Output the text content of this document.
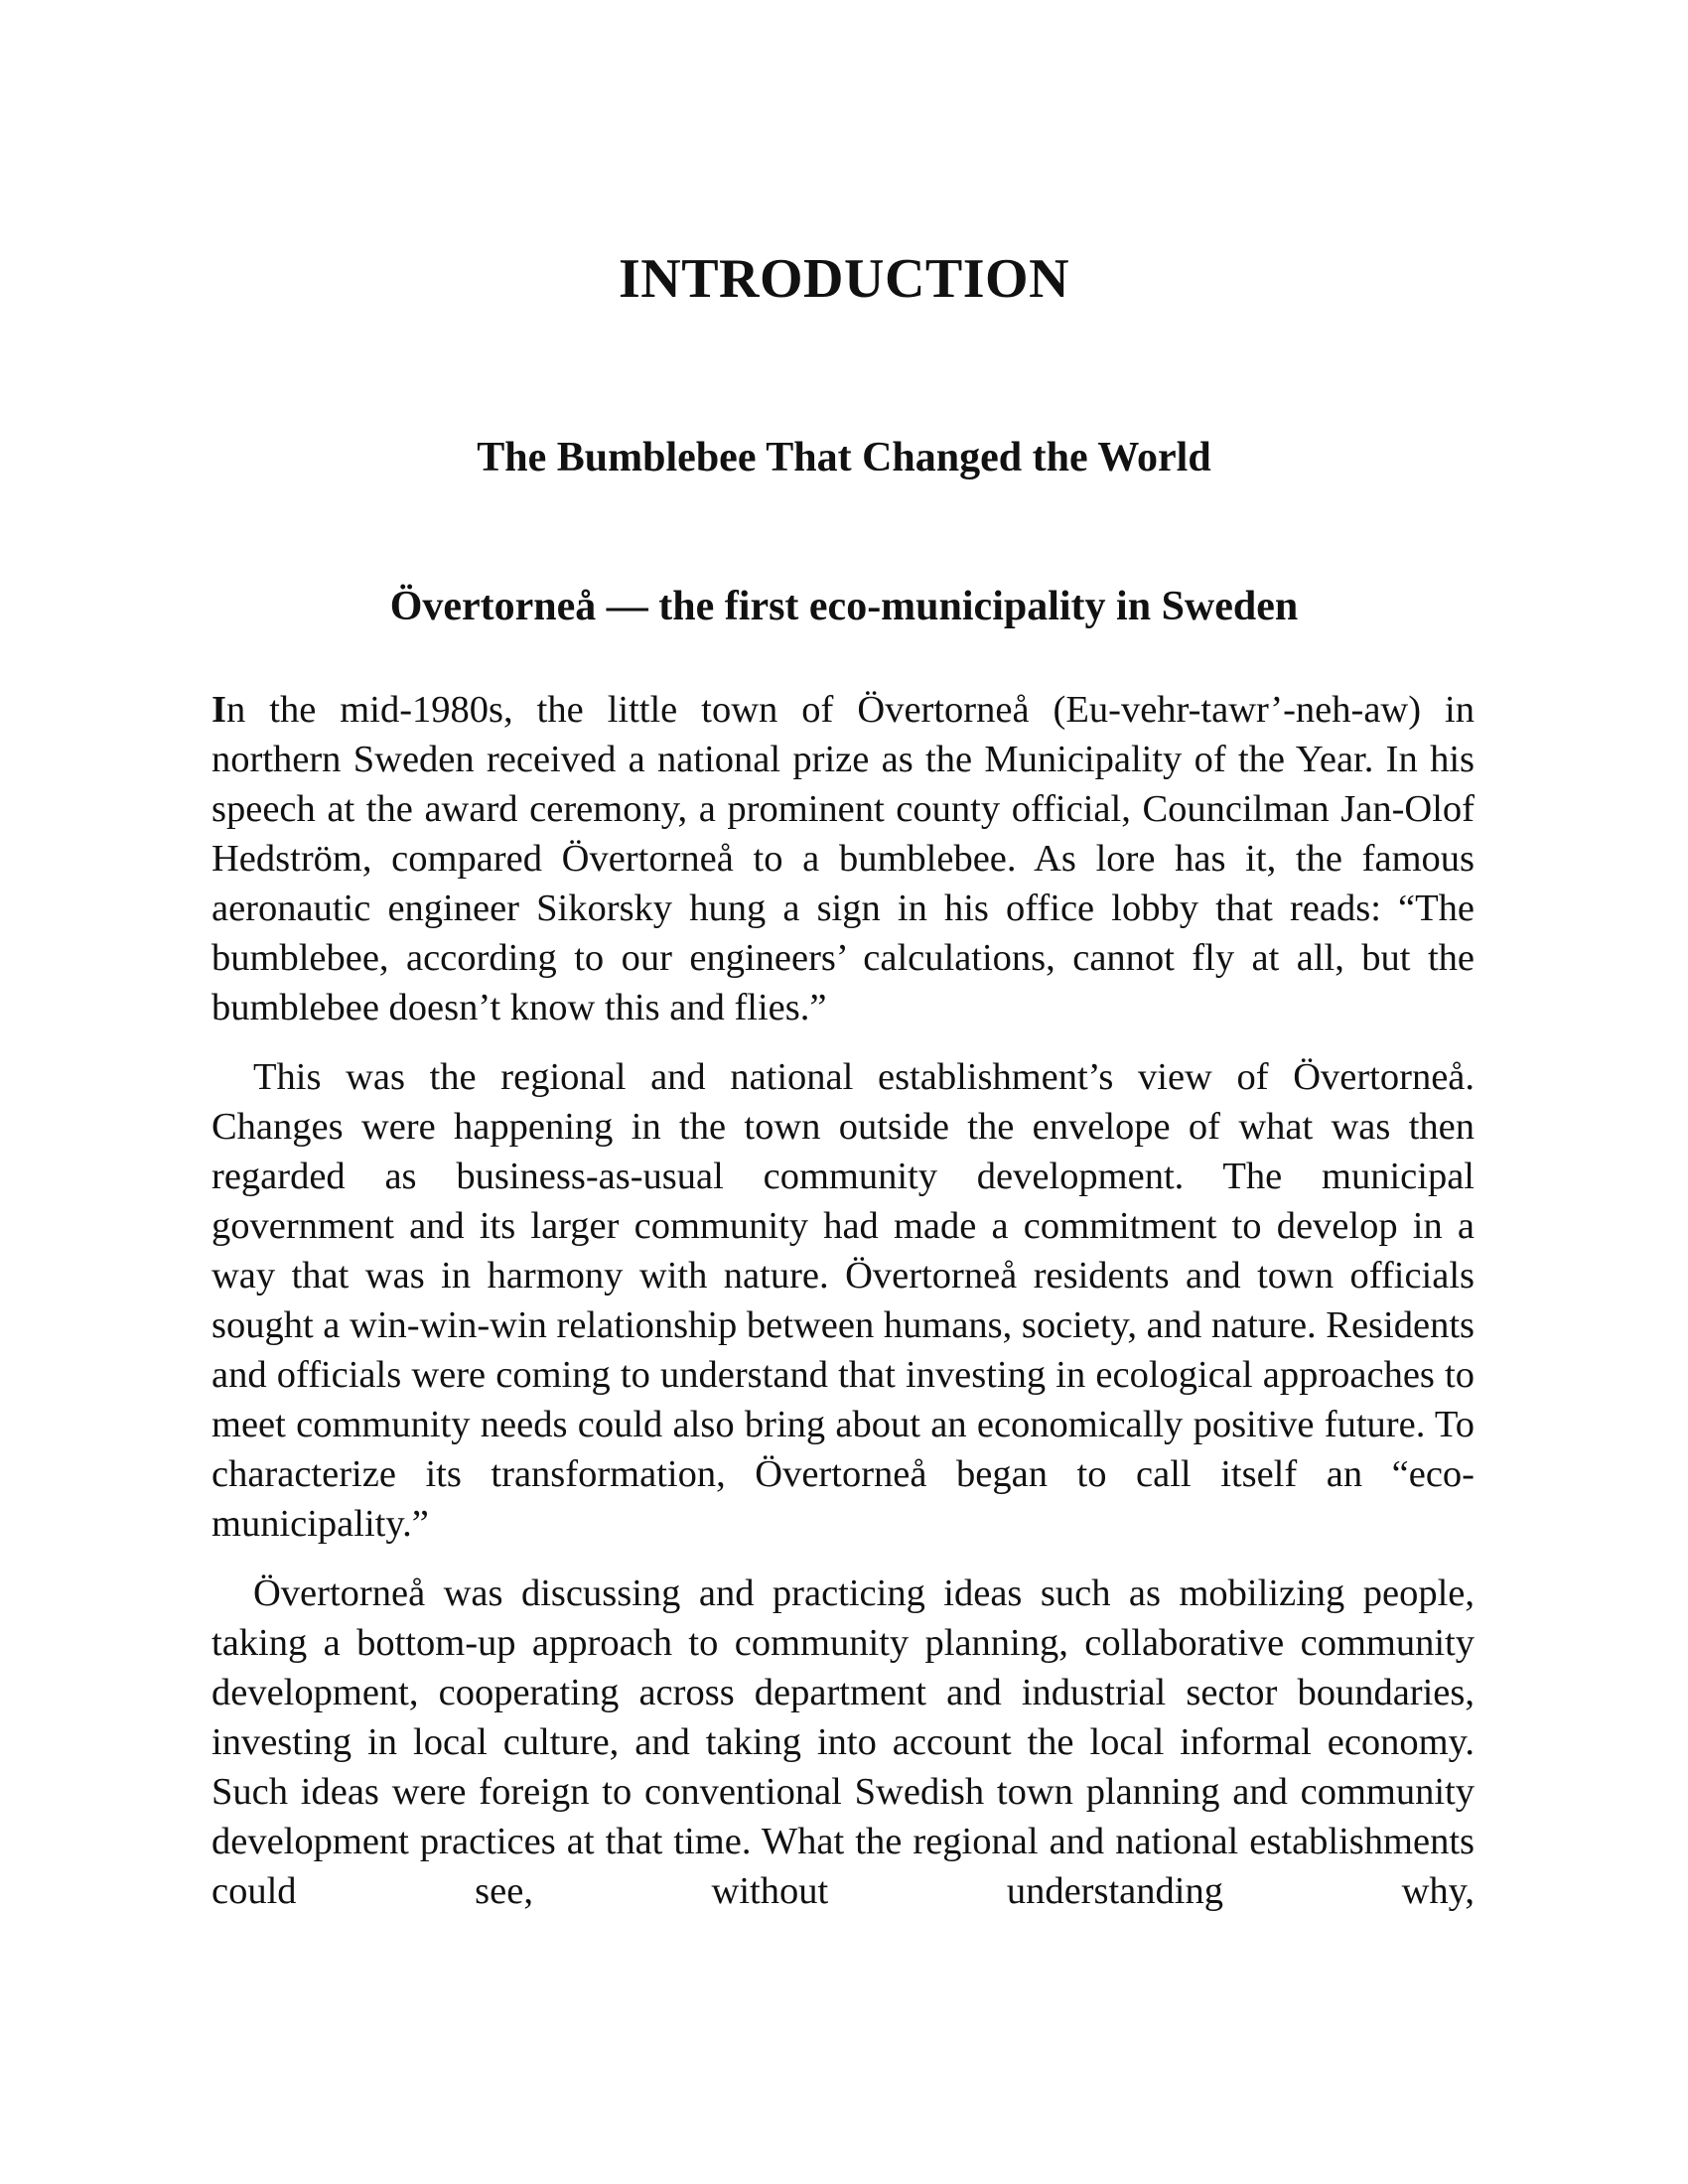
INTRODUCTION
The Bumblebee That Changed the World
Övertorneå — the first eco-municipality in Sweden

In the mid-1980s, the little town of Övertorneå (Eu-vehr-tawr’-neh-aw) in northern Sweden received a national prize as the Municipality of the Year. In his speech at the award ceremony, a prominent county official, Councilman Jan-Olof Hedström, compared Övertorneå to a bumblebee. As lore has it, the famous aeronautic engineer Sikorsky hung a sign in his office lobby that reads: “The bumblebee, according to our engineers’ calculations, cannot fly at all, but the bumblebee doesn’t know this and flies.”

This was the regional and national establishment’s view of Övertorneå. Changes were happening in the town outside the envelope of what was then regarded as business-as-usual community development. The municipal government and its larger community had made a commitment to develop in a way that was in harmony with nature. Övertorneå residents and town officials sought a win-win-win relationship between humans, society, and nature. Residents and officials were coming to understand that investing in ecological approaches to meet community needs could also bring about an economically positive future. To characterize its transformation, Övertorneå began to call itself an “eco-municipality.”

Övertorneå was discussing and practicing ideas such as mobilizing people, taking a bottom-up approach to community planning, collaborative community development, cooperating across department and industrial sector boundaries, investing in local culture, and taking into account the local informal economy. Such ideas were foreign to conventional Swedish town planning and community development practices at that time. What the regional and national establishments could see, without understanding why,
